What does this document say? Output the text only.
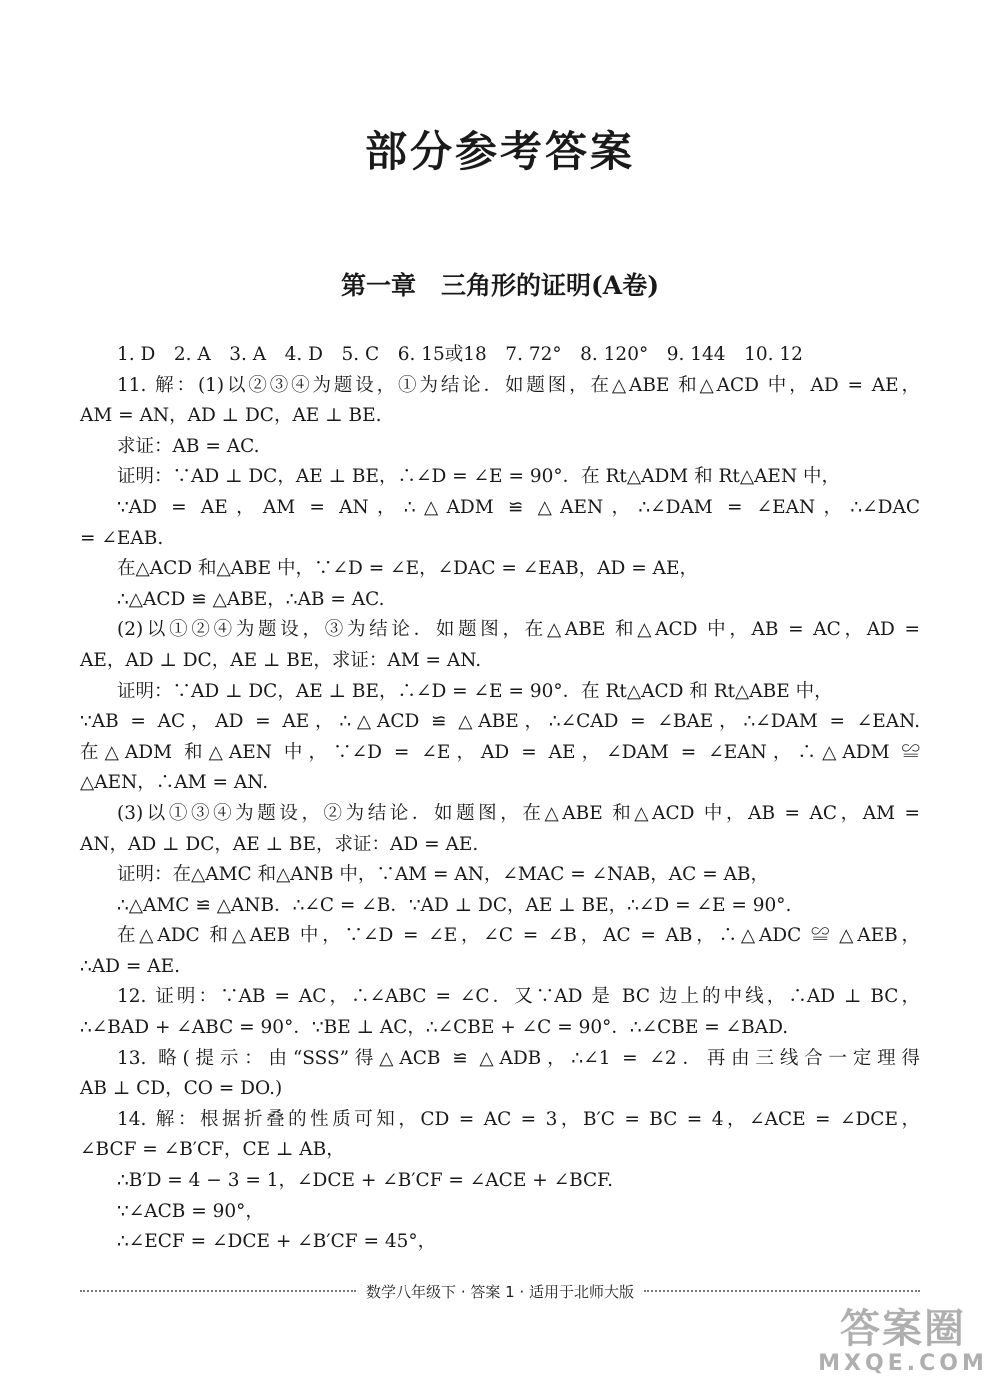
部分参考答案
第一章　三角形的证明(A卷)
1. D　2. A　3. A　4. D　5. C　6. 15或18　7. 72°　8. 120°　9. 144　10. 12
11. 解：(1)以②③④为题设，①为结论．如题图，在△ABE 和△ACD 中，AD = AE，
AM = AN，AD ⊥ DC，AE ⊥ BE.
求证：AB = AC.
证明：∵AD ⊥ DC，AE ⊥ BE，∴∠D = ∠E = 90°．在 Rt△ADM 和 Rt△AEN 中，
∵AD = AE，AM = AN，∴△ADM ≌ △AEN，∴∠DAM = ∠EAN，∴∠DAC
= ∠EAB.
在△ACD 和△ABE 中，∵∠D = ∠E，∠DAC = ∠EAB，AD = AE，
∴△ACD ≌ △ABE，∴AB = AC.
(2)以①②④为题设，③为结论．如题图，在△ABE 和△ACD 中，AB = AC，AD =
AE，AD ⊥ DC，AE ⊥ BE，求证：AM = AN.
证明：∵AD ⊥ DC，AE ⊥ BE，∴∠D = ∠E = 90°．在 Rt△ACD 和 Rt△ABE 中，
∵AB = AC，AD = AE，∴△ACD ≌ △ABE，∴∠CAD = ∠BAE，∴∠DAM = ∠EAN.
在△ADM 和△AEN 中，∵∠D = ∠E，AD = AE，∠DAM = ∠EAN，∴△ADM ≌
△AEN，∴AM = AN.
(3)以①③④为题设，②为结论．如题图，在△ABE 和△ACD 中，AB = AC，AM =
AN，AD ⊥ DC，AE ⊥ BE，求证：AD = AE.
证明：在△AMC 和△ANB 中，∵AM = AN，∠MAC = ∠NAB，AC = AB，
∴△AMC ≌ △ANB．∴∠C = ∠B．∵AD ⊥ DC，AE ⊥ BE，∴∠D = ∠E = 90°.
在△ADC 和△AEB 中，∵∠D = ∠E，∠C = ∠B，AC = AB，∴△ADC ≌ △AEB，
∴AD = AE.
12. 证明：∵AB = AC，∴∠ABC = ∠C．又∵AD 是 BC 边上的中线，∴AD ⊥ BC，
∴∠BAD + ∠ABC = 90°．∵BE ⊥ AC，∴∠CBE + ∠C = 90°．∴∠CBE = ∠BAD.
13. 略(提示：由“SSS”得△ACB ≌ △ADB，∴∠1 = ∠2．再由三线合一定理得
AB ⊥ CD，CO = DO.)
14. 解：根据折叠的性质可知，CD = AC = 3，B′C = BC = 4，∠ACE = ∠DCE，
∠BCF = ∠B′CF，CE ⊥ AB，
∴B′D = 4 − 3 = 1，∠DCE + ∠B′CF = ∠ACE + ∠BCF.
∵∠ACB = 90°，
∴∠ECF = ∠DCE + ∠B′CF = 45°，
数学八年级下 · 答案 1 · 适用于北师大版
答案圈
MXQE.COM
